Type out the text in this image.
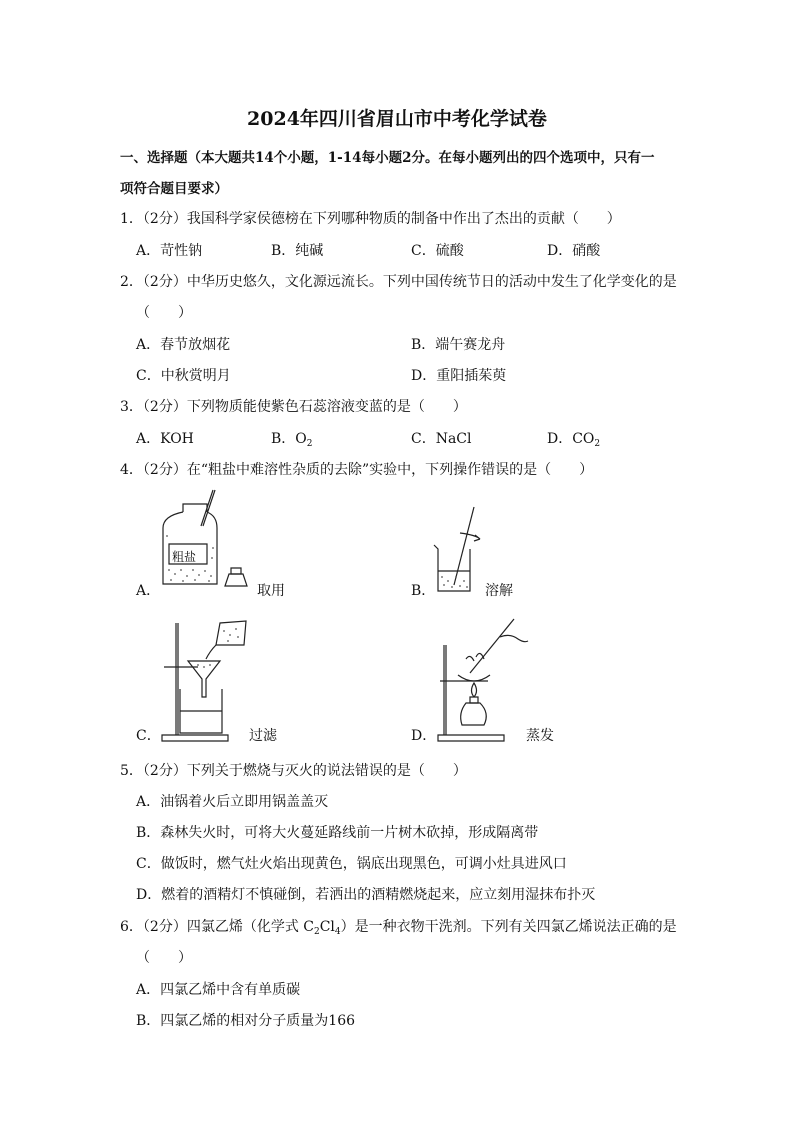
2024年四川省眉山市中考化学试卷
一、选择题（本大题共14个小题，1-14每小题2分。在每小题列出的四个选项中，只有一
项符合题目要求）
1．（2分）我国科学家侯德榜在下列哪种物质的制备中作出了杰出的贡献（　　）
A．苛性钠	B．纯碱	C．硫酸	D．硝酸
2．（2分）中华历史悠久，文化源远流长。下列中国传统节日的活动中发生了化学变化的是
（　　）
A．春节放烟花	B．端午赛龙舟
C．中秋赏明月	D．重阳插茱萸
3．（2分）下列物质能使紫色石蕊溶液变蓝的是（　　）
A．KOH	B．$O_2$	C．NaCl	D．$CO_2$
4．（2分）在“粗盐中难溶性杂质的去除”实验中，下列操作错误的是（　　）
粗盐
A．	取用	B．	溶解
C．	过滤	D．	蒸发
5．（2分）下列关于燃烧与灭火的说法错误的是（　　）
A．油锅着火后立即用锅盖盖灭
B．森林失火时，可将大火蔓延路线前一片树木砍掉，形成隔离带
C．做饭时，燃气灶火焰出现黄色，锅底出现黑色，可调小灶具进风口
D．燃着的酒精灯不慎碰倒，若洒出的酒精燃烧起来，应立刻用湿抹布扑灭
6．（2分）四氯乙烯（化学式 $C_2Cl_4$）是一种衣物干洗剂。下列有关四氯乙烯说法正确的是
（　　）
A．四氯乙烯中含有单质碳
B．四氯乙烯的相对分子质量为166
